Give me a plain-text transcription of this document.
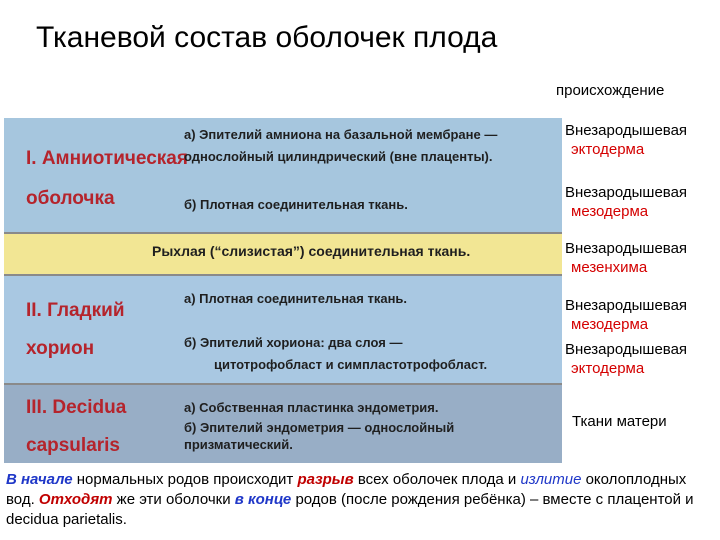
Тканевой состав оболочек плода
происхождение
I. Амниотическая
оболочка
а) Эпителий амниона на базальной мембране —
однослойный цилиндрический (вне плаценты).
б) Плотная соединительная ткань.
Рыхлая (“слизистая”) соединительная ткань.
II. Гладкий
хорион
а) Плотная соединительная ткань.
б) Эпителий хориона: два слоя —
цитотрофобласт и симпластотрофобласт.
III. Decidua
capsularis
а) Собственная пластинка эндометрия.
б) Эпителий эндометрия — однослойный призматический.
Внезародышевая
эктодерма
Внезародышевая
мезодерма
Внезародышевая
мезенхима
Внезародышевая
мезодерма
Внезародышевая
эктодерма
Ткани матери
В начале нормальных родов происходит разрыв всех оболочек плода и излитие околоплодных вод. Отходят же эти оболочки в конце родов (после рождения ребёнка) – вместе с плацентой и decidua parietalis.
